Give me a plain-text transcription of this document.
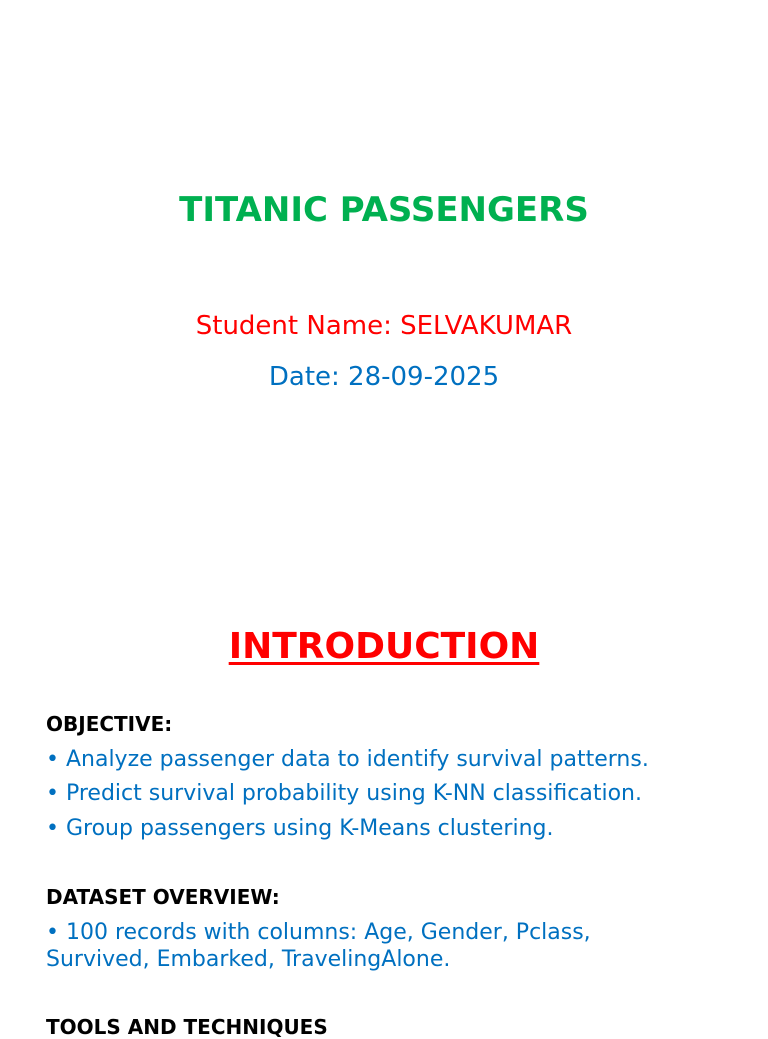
TITANIC PASSENGERS
Student Name: SELVAKUMAR
Date: 28-09-2025
INTRODUCTION
OBJECTIVE:
• Analyze passenger data to identify survival patterns.
• Predict survival probability using K-NN classification.
• Group passengers using K-Means clustering.
DATASET OVERVIEW:
• 100 records with columns: Age, Gender, Pclass, Survived, Embarked, TravelingAlone.
TOOLS AND TECHNIQUES
